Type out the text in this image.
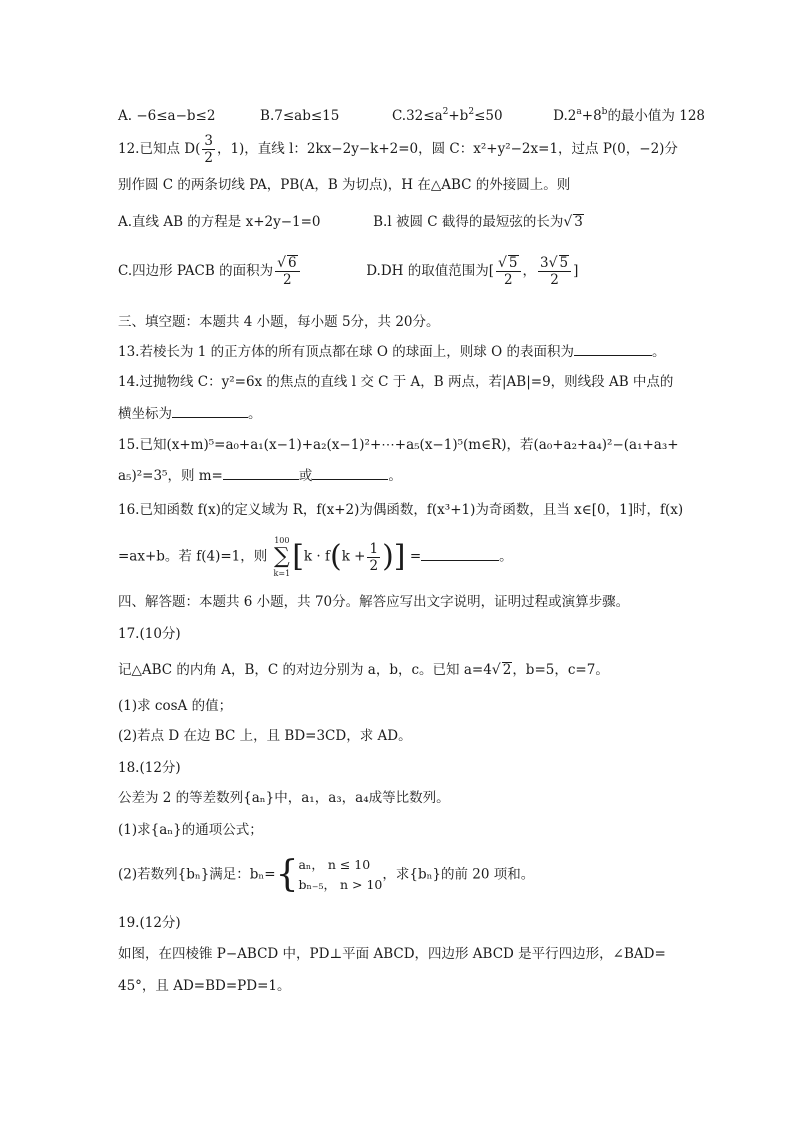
A. −6≤a−b≤2	B.7≤ab≤15	$C.32\le a^2+b^2\le 50$	$D.2^a+8^b$的最小值为 128
12.已知点 $D( \frac{3}{2}$ ，1)，直线 l：2kx−2y−k+2=0，圆 C：x²+y²−2x=1，过点 P(0，−2)分
别作圆 C 的两条切线 PA，PB(A，B 为切点)，H 在△ABC 的外接圆上。则
A.直线 AB 的方程是 x+2y−1=0	B.l 被圆 C 截得的最短弦的长为√ 3
C.四边形 PACB 的面积为 $\frac{√ 6}{2}$	D.DH 的取值范围为[ $\frac{√ 5}{2}$ ， $\frac{3√ 5}{2}$ ]
三、填空题：本题共 4 小题，每小题 5分，共 20分。
13.若棱长为 1 的正方体的所有顶点都在球 O 的球面上，则球 O 的表面积为	。
14.过抛物线 C：y²=6x 的焦点的直线 l 交 C 于 A，B 两点，若|AB|=9，则线段 AB 中点的
横坐标为	。
15.已知(x+m)⁵=a₀+a₁(x−1)+a₂(x−1)²+⋯+a₅(x−1)⁵(m∈R)，若(a₀+a₂+a₄)²−(a₁+a₃+
a₅)²=3⁵，则 m=	或	。
16.已知函数 f(x)的定义域为 R，f(x+2)为偶函数，f(x³+1)为奇函数，且当 x∈[0，1]时，f(x)
=ax+b。若 f(4)=1，则
100
∑
k=1 [$k \cdot f(k + \frac{1}{2}$ )] =	。
四、解答题：本题共 6 小题，共 70分。解答应写出文字说明，证明过程或演算步骤。
17.(10分)
记△ABC 的内角 A，B，C 的对边分别为 a，b，c。已知 a=4√ 2，b=5，c=7。
(1)求 cosA 的值；
(2)若点 D 在边 BC 上，且 BD=3CD，求 AD。
18.(12分)
公差为 2 的等差数列{aₙ}中，a₁，a₃，a₄成等比数列。
(1)求{aₙ}的通项公式；
(2)若数列{bₙ}满足：bₙ={ aₙ， n ≤ 10
bₙ₋₅， n > 10
，求{bₙ}的前 20 项和。
19.(12分)
如图，在四棱锥 P−ABCD 中，PD⊥平面 ABCD，四边形 ABCD 是平行四边形，∠BAD=
45°，且 AD=BD=PD=1。
